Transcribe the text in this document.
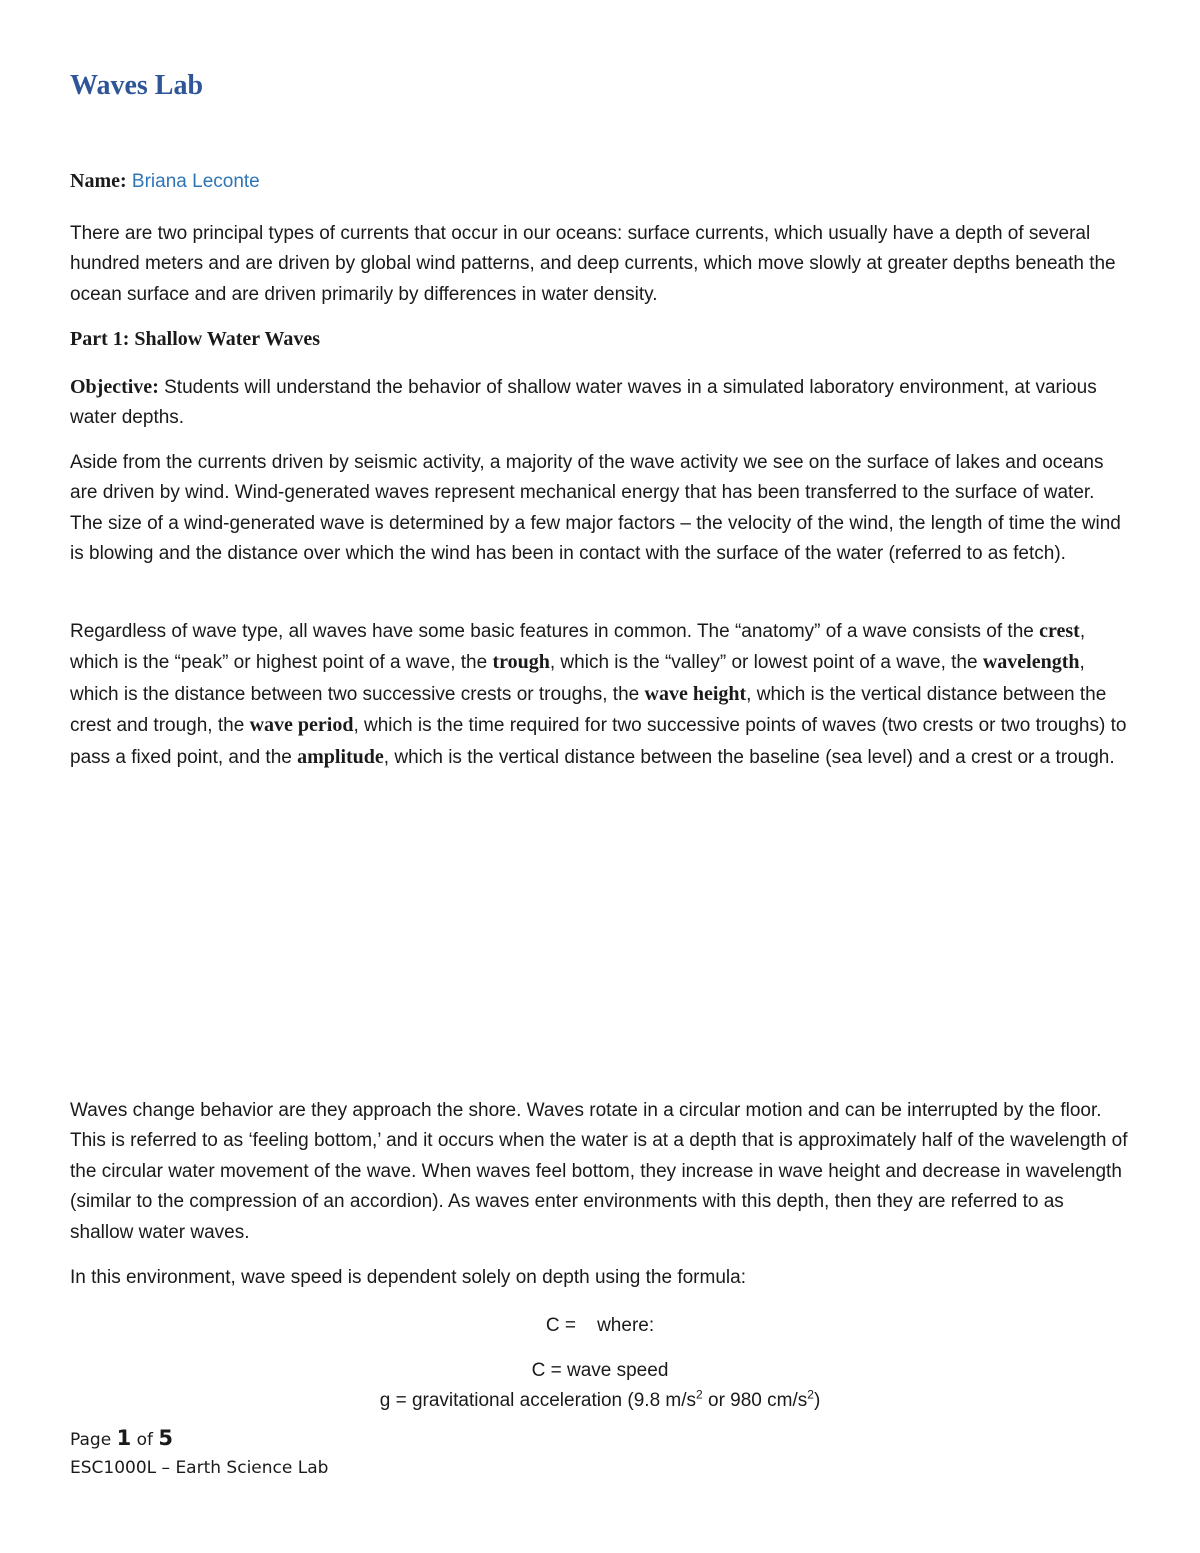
Waves Lab
Name: Briana Leconte

There are two principal types of currents that occur in our oceans: surface currents, which usually have a depth of several hundred meters and are driven by global wind patterns, and deep currents, which move slowly at greater depths beneath the ocean surface and are driven primarily by differences in water density.

Part 1: Shallow Water Waves

Objective: Students will understand the behavior of shallow water waves in a simulated laboratory environment, at various water depths.

Aside from the currents driven by seismic activity, a majority of the wave activity we see on the surface of lakes and oceans are driven by wind. Wind-generated waves represent mechanical energy that has been transferred to the surface of water. The size of a wind-generated wave is determined by a few major factors – the velocity of the wind, the length of time the wind is blowing and the distance over which the wind has been in contact with the surface of the water (referred to as fetch).

Regardless of wave type, all waves have some basic features in common. The “anatomy” of a wave consists of the crest, which is the “peak” or highest point of a wave, the trough, which is the “valley” or lowest point of a wave, the wavelength, which is the distance between two successive crests or troughs, the wave height, which is the vertical distance between the crest and trough, the wave period, which is the time required for two successive points of waves (two crests or two troughs) to pass a fixed point, and the amplitude, which is the vertical distance between the baseline (sea level) and a crest or a trough.

Waves change behavior are they approach the shore. Waves rotate in a circular motion and can be interrupted by the floor. This is referred to as ‘feeling bottom,’ and it occurs when the water is at a depth that is approximately half of the wavelength of the circular water movement of the wave. When waves feel bottom, they increase in wave height and decrease in wavelength (similar to the compression of an accordion). As waves enter environments with this depth, then they are referred to as shallow water waves.

In this environment, wave speed is dependent solely on depth using the formula:

C =    where:

C = wave speed

g = gravitational acceleration (9.8 $m/s^2$ or 980 $cm/s^2$)

Page 1 of 5
ESC1000L – Earth Science Lab
